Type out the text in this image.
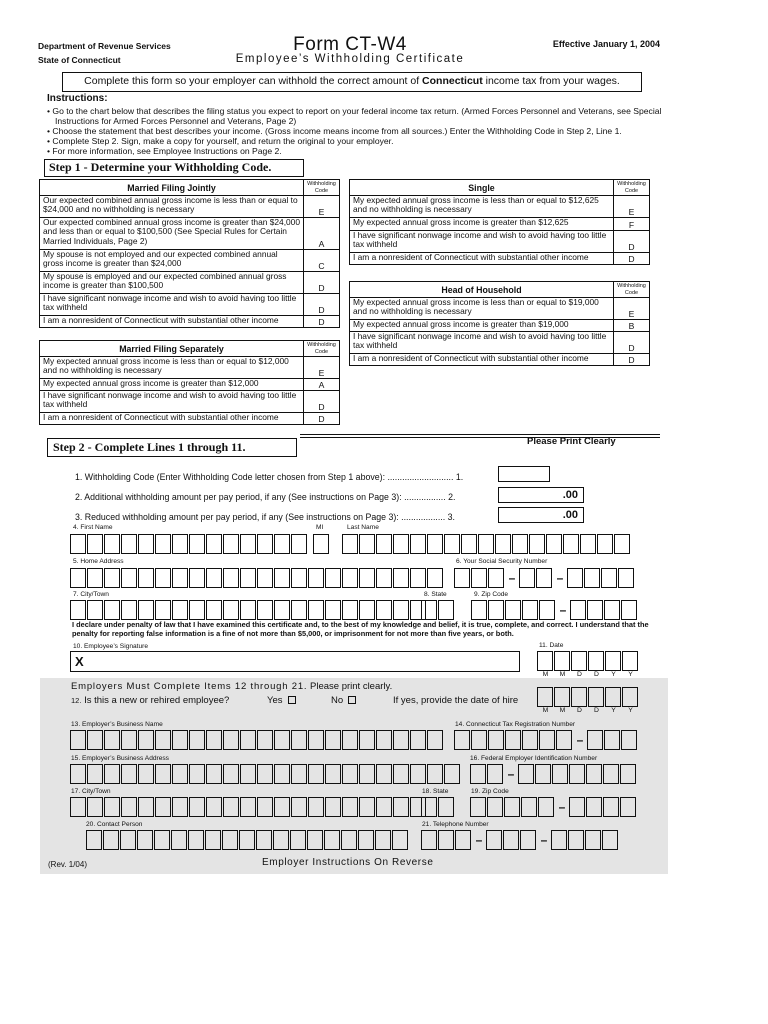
Department of Revenue Services
State of Connecticut
Form CT-W4
Employee’s Withholding Certificate
Effective January 1, 2004
Complete this form so your employer can withhold the correct amount of Connecticut income tax from your wages.
Instructions:
• Go to the chart below that describes the filing status you expect to report on your federal income tax return. (Armed Forces Personnel and Veterans, see Special Instructions for Armed Forces Personnel and Veterans, Page 2)
• Choose the statement that best describes your income. (Gross income means income from all sources.) Enter the Withholding Code in Step 2, Line 1.
• Complete Step 2. Sign, make a copy for yourself, and return the original to your employer.
• For more information, see Employee Instructions on Page 2.
Step 1 - Determine your Withholding Code.
Married Filing Jointly	Withholding Code
Our expected combined annual gross income is less than or equal to $24,000 and no withholding is necessary	E
Our expected combined annual gross income is greater than $24,000 and less than or equal to $100,500 (See Special Rules for Certain Married Individuals, Page 2)	A
My spouse is not employed and our expected combined annual gross income is greater than $24,000	C
My spouse is employed and our expected combined annual gross income is greater than $100,500	D
I have significant nonwage income and wish to avoid having too little tax withheld	D
I am a nonresident of Connecticut with substantial other income	D
Married Filing Separately	Withholding Code
My expected annual gross income is less than or equal to $12,000 and no withholding is necessary	E
My expected annual gross income is greater than $12,000	A
I have significant nonwage income and wish to avoid having too little tax withheld	D
I am a nonresident of Connecticut with substantial other income	D
Single	Withholding Code
My expected annual gross income is less than or equal to $12,625 and no withholding is necessary	E
My expected annual gross income is greater than $12,625	F
I have significant nonwage income and wish to avoid having too little tax withheld	D
I am a nonresident of Connecticut with substantial other income	D
Head of Household	Withholding Code
My expected annual gross income is less than or equal to $19,000 and no withholding is necessary	E
My expected annual gross income is greater than $19,000	B
I have significant nonwage income and wish to avoid having too little tax withheld	D
I am a nonresident of Connecticut with substantial other income	D
Step 2 - Complete Lines 1 through 11.	Please Print Clearly
1. Withholding Code (Enter Withholding Code letter chosen from Step 1 above): ........................... 1.
2. Additional withholding amount per pay period, if any (See instructions on Page 3): ................. 2.	.00
3. Reduced withholding amount per pay period, if any (See instructions on Page 3): .................. 3.	.00
4. First Name	MI	Last Name
5. Home Address	6. Your Social Security Number
–	–
7. City/Town	8. State	9. Zip Code
–
I declare under penalty of law that I have examined this certificate and, to the best of my knowledge and belief, it is true, complete, and correct. I understand that the penalty for reporting false information is a fine of not more than $5,000, or imprisonment for not more than five years, or both.
10. Employee’s Signature
X
11. Date
M M D D Y Y
Employers Must Complete Items 12 through 21. Please print clearly.
12. Is this a new or rehired employee?	Yes	No	If yes, provide the date of hire
M M D D Y Y
13. Employer’s Business Name	14. Connecticut Tax Registration Number
–
15. Employer’s Business Address	16. Federal Employer Identification Number
–
17. City/Town	18. State	19. Zip Code
–
20. Contact Person	21. Telephone Number
–	–
(Rev. 1/04)	Employer Instructions On Reverse
